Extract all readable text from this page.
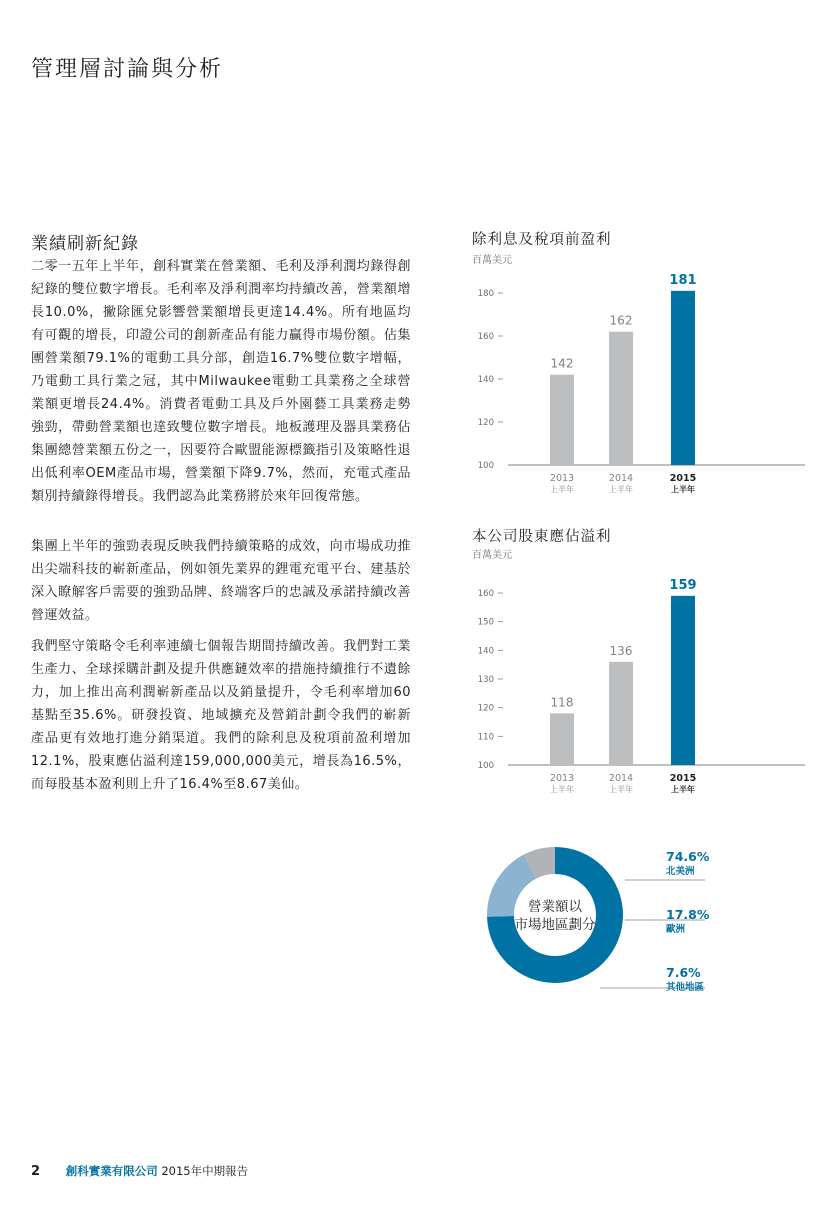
管理層討論與分析
業績刷新紀錄

二零一五年上半年，創科實業在營業額、毛利及淨利潤均錄得創紀錄的雙位數字增長。毛利率及淨利潤率均持續改善，營業額增長10.0%，撇除匯兌影響營業額增長更達14.4%。所有地區均有可觀的增長，印證公司的創新產品有能力贏得市場份額。佔集團營業額79.1%的電動工具分部，創造16.7%雙位數字增幅，乃電動工具行業之冠，其中Milwaukee電動工具業務之全球營業額更增長24.4%。消費者電動工具及戶外園藝工具業務走勢強勁，帶動營業額也達致雙位數字增長。地板護理及器具業務佔集團總營業額五份之一，因要符合歐盟能源標籤指引及策略性退出低利率OEM產品市場，營業額下降9.7%，然而，充電式產品類別持續錄得增長。我們認為此業務將於來年回復常態。

集團上半年的強勁表現反映我們持續策略的成效，向市場成功推出尖端科技的嶄新產品，例如領先業界的鋰電充電平台、建基於深入瞭解客戶需要的強勁品牌、終端客戶的忠誠及承諾持續改善營運效益。

我們堅守策略令毛利率連續七個報告期間持續改善。我們對工業生產力、全球採購計劃及提升供應鏈效率的措施持續推行不遺餘力，加上推出高利潤嶄新產品以及銷量提升，令毛利率增加60基點至35.6%。研發投資、地域擴充及營銷計劃令我們的嶄新產品更有效地打進分銷渠道。我們的除利息及稅項前盈利增加12.1%，股東應佔溢利達159,000,000美元，增長為16.5%，而每股基本盈利則上升了16.4%至8.67美仙。

除利息及稅項前盈利

百萬美元

100
120
140
160
180
142
2013
上半年
162
2014
上半年
181
2015
上半年
本公司股東應佔溢利

百萬美元

100
110
120
130
140
150
160
118
2013
上半年
136
2014
上半年
159
2015
上半年
營業額以
市場地區劃分
74.6%
北美洲
17.8%
歐洲
7.6%
其他地區
2 創科實業有限公司 2015年中期報告
